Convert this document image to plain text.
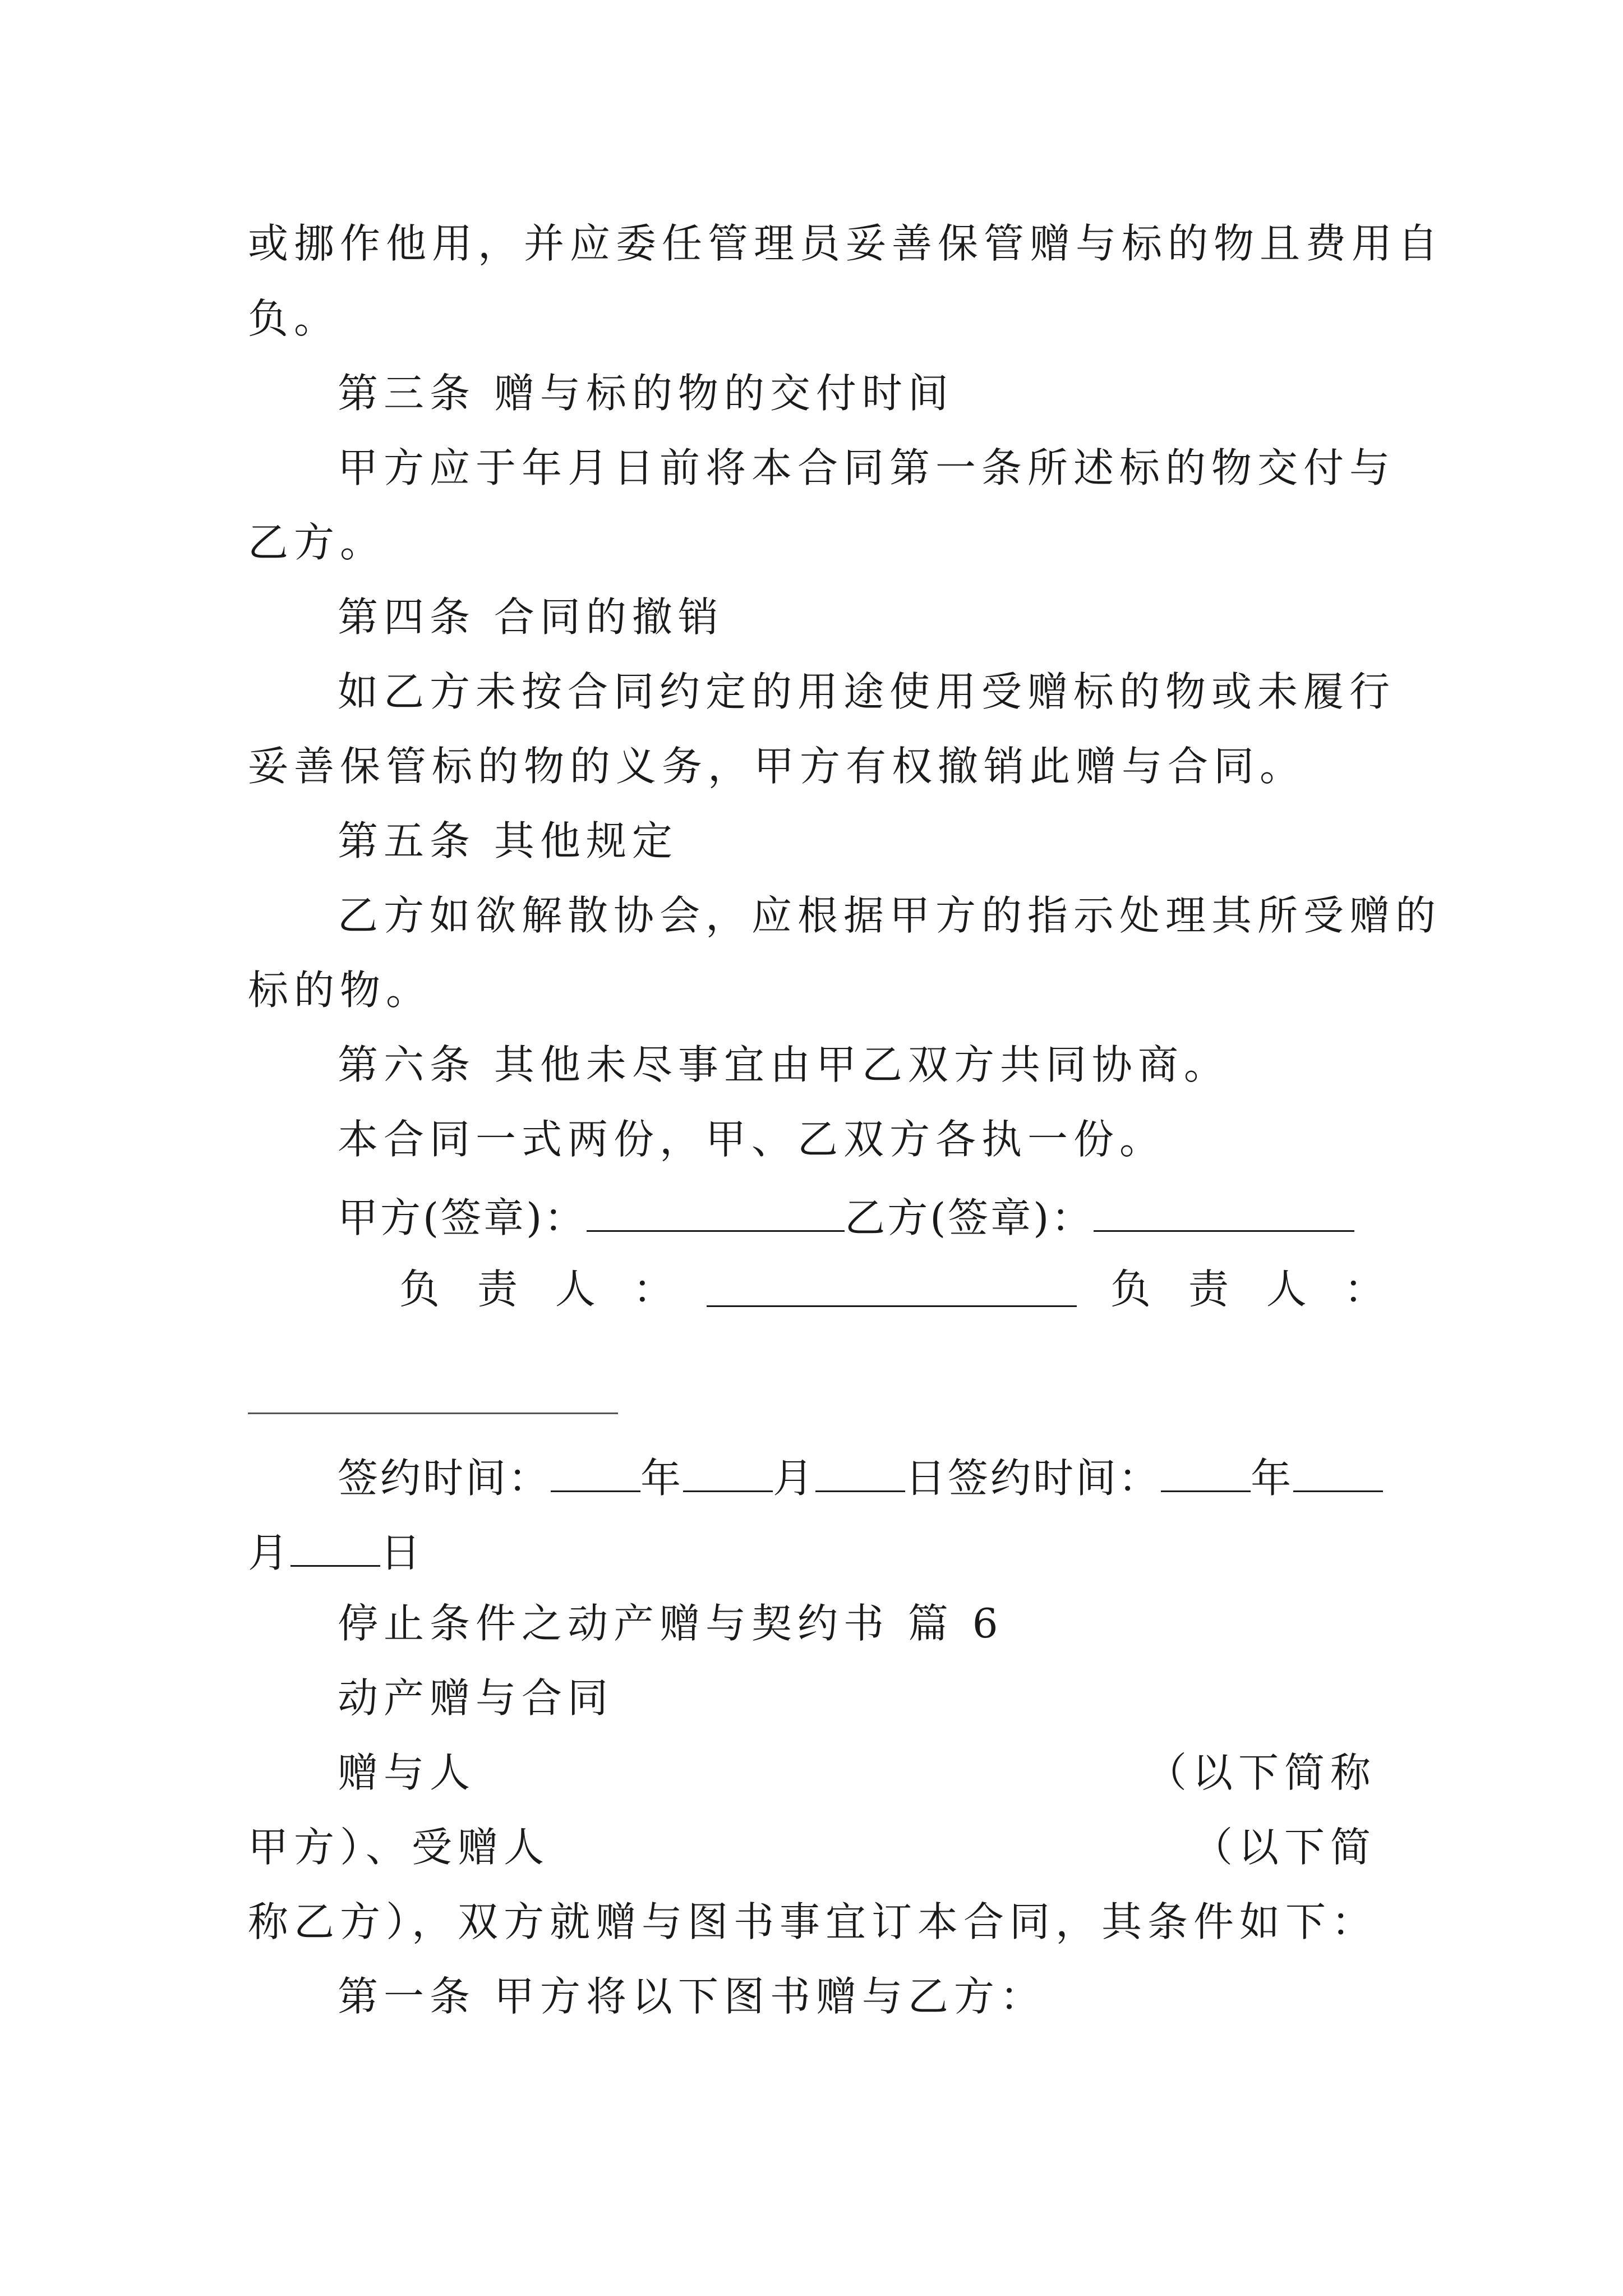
或挪作他用，并应委任管理员妥善保管赠与标的物且费用自
负。
第三条 赠与标的物的交付时间
甲方应于年月日前将本合同第一条所述标的物交付与
乙方。
第四条 合同的撤销
如乙方未按合同约定的用途使用受赠标的物或未履行
妥善保管标的物的义务，甲方有权撤销此赠与合同。
第五条 其他规定
乙方如欲解散协会，应根据甲方的指示处理其所受赠的
标的物。
第六条 其他未尽事宜由甲乙双方共同协商。
本合同一式两份，甲、乙双方各执一份。
甲方(签章)：	乙方(签章)：
负 责 人 ：	负 责 人 ：
签约时间： 年 月 日签约时间： 年
月 日
停止条件之动产赠与契约书 篇 6
动产赠与合同
赠与人	（以下简称
甲方）、受赠人	（以下简
称乙方），双方就赠与图书事宜订本合同，其条件如下：
第一条 甲方将以下图书赠与乙方：
